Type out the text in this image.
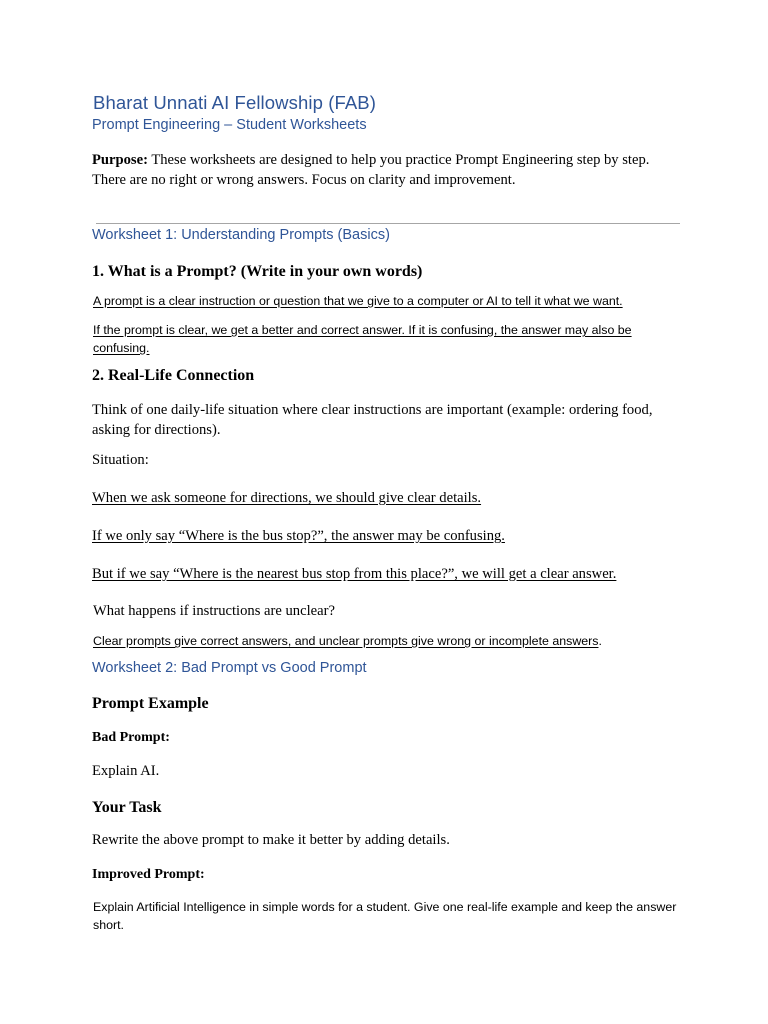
Bharat Unnati AI Fellowship (FAB)
Prompt Engineering – Student Worksheets
Purpose: These worksheets are designed to help you practice Prompt Engineering step by step. There are no right or wrong answers. Focus on clarity and improvement.
Worksheet 1: Understanding Prompts (Basics)
1. What is a Prompt? (Write in your own words)
A prompt is a clear instruction or question that we give to a computer or AI to tell it what we want.
If the prompt is clear, we get a better and correct answer. If it is confusing, the answer may also be confusing.
2. Real-Life Connection
Think of one daily-life situation where clear instructions are important (example: ordering food, asking for directions).
Situation:
When we ask someone for directions, we should give clear details.
If we only say “Where is the bus stop?”, the answer may be confusing.
But if we say “Where is the nearest bus stop from this place?”, we will get a clear answer.
What happens if instructions are unclear?
Clear prompts give correct answers, and unclear prompts give wrong or incomplete answers.
Worksheet 2: Bad Prompt vs Good Prompt
Prompt Example
Bad Prompt:
Explain AI.
Your Task
Rewrite the above prompt to make it better by adding details.
Improved Prompt:
Explain Artificial Intelligence in simple words for a student. Give one real-life example and keep the answer short.
